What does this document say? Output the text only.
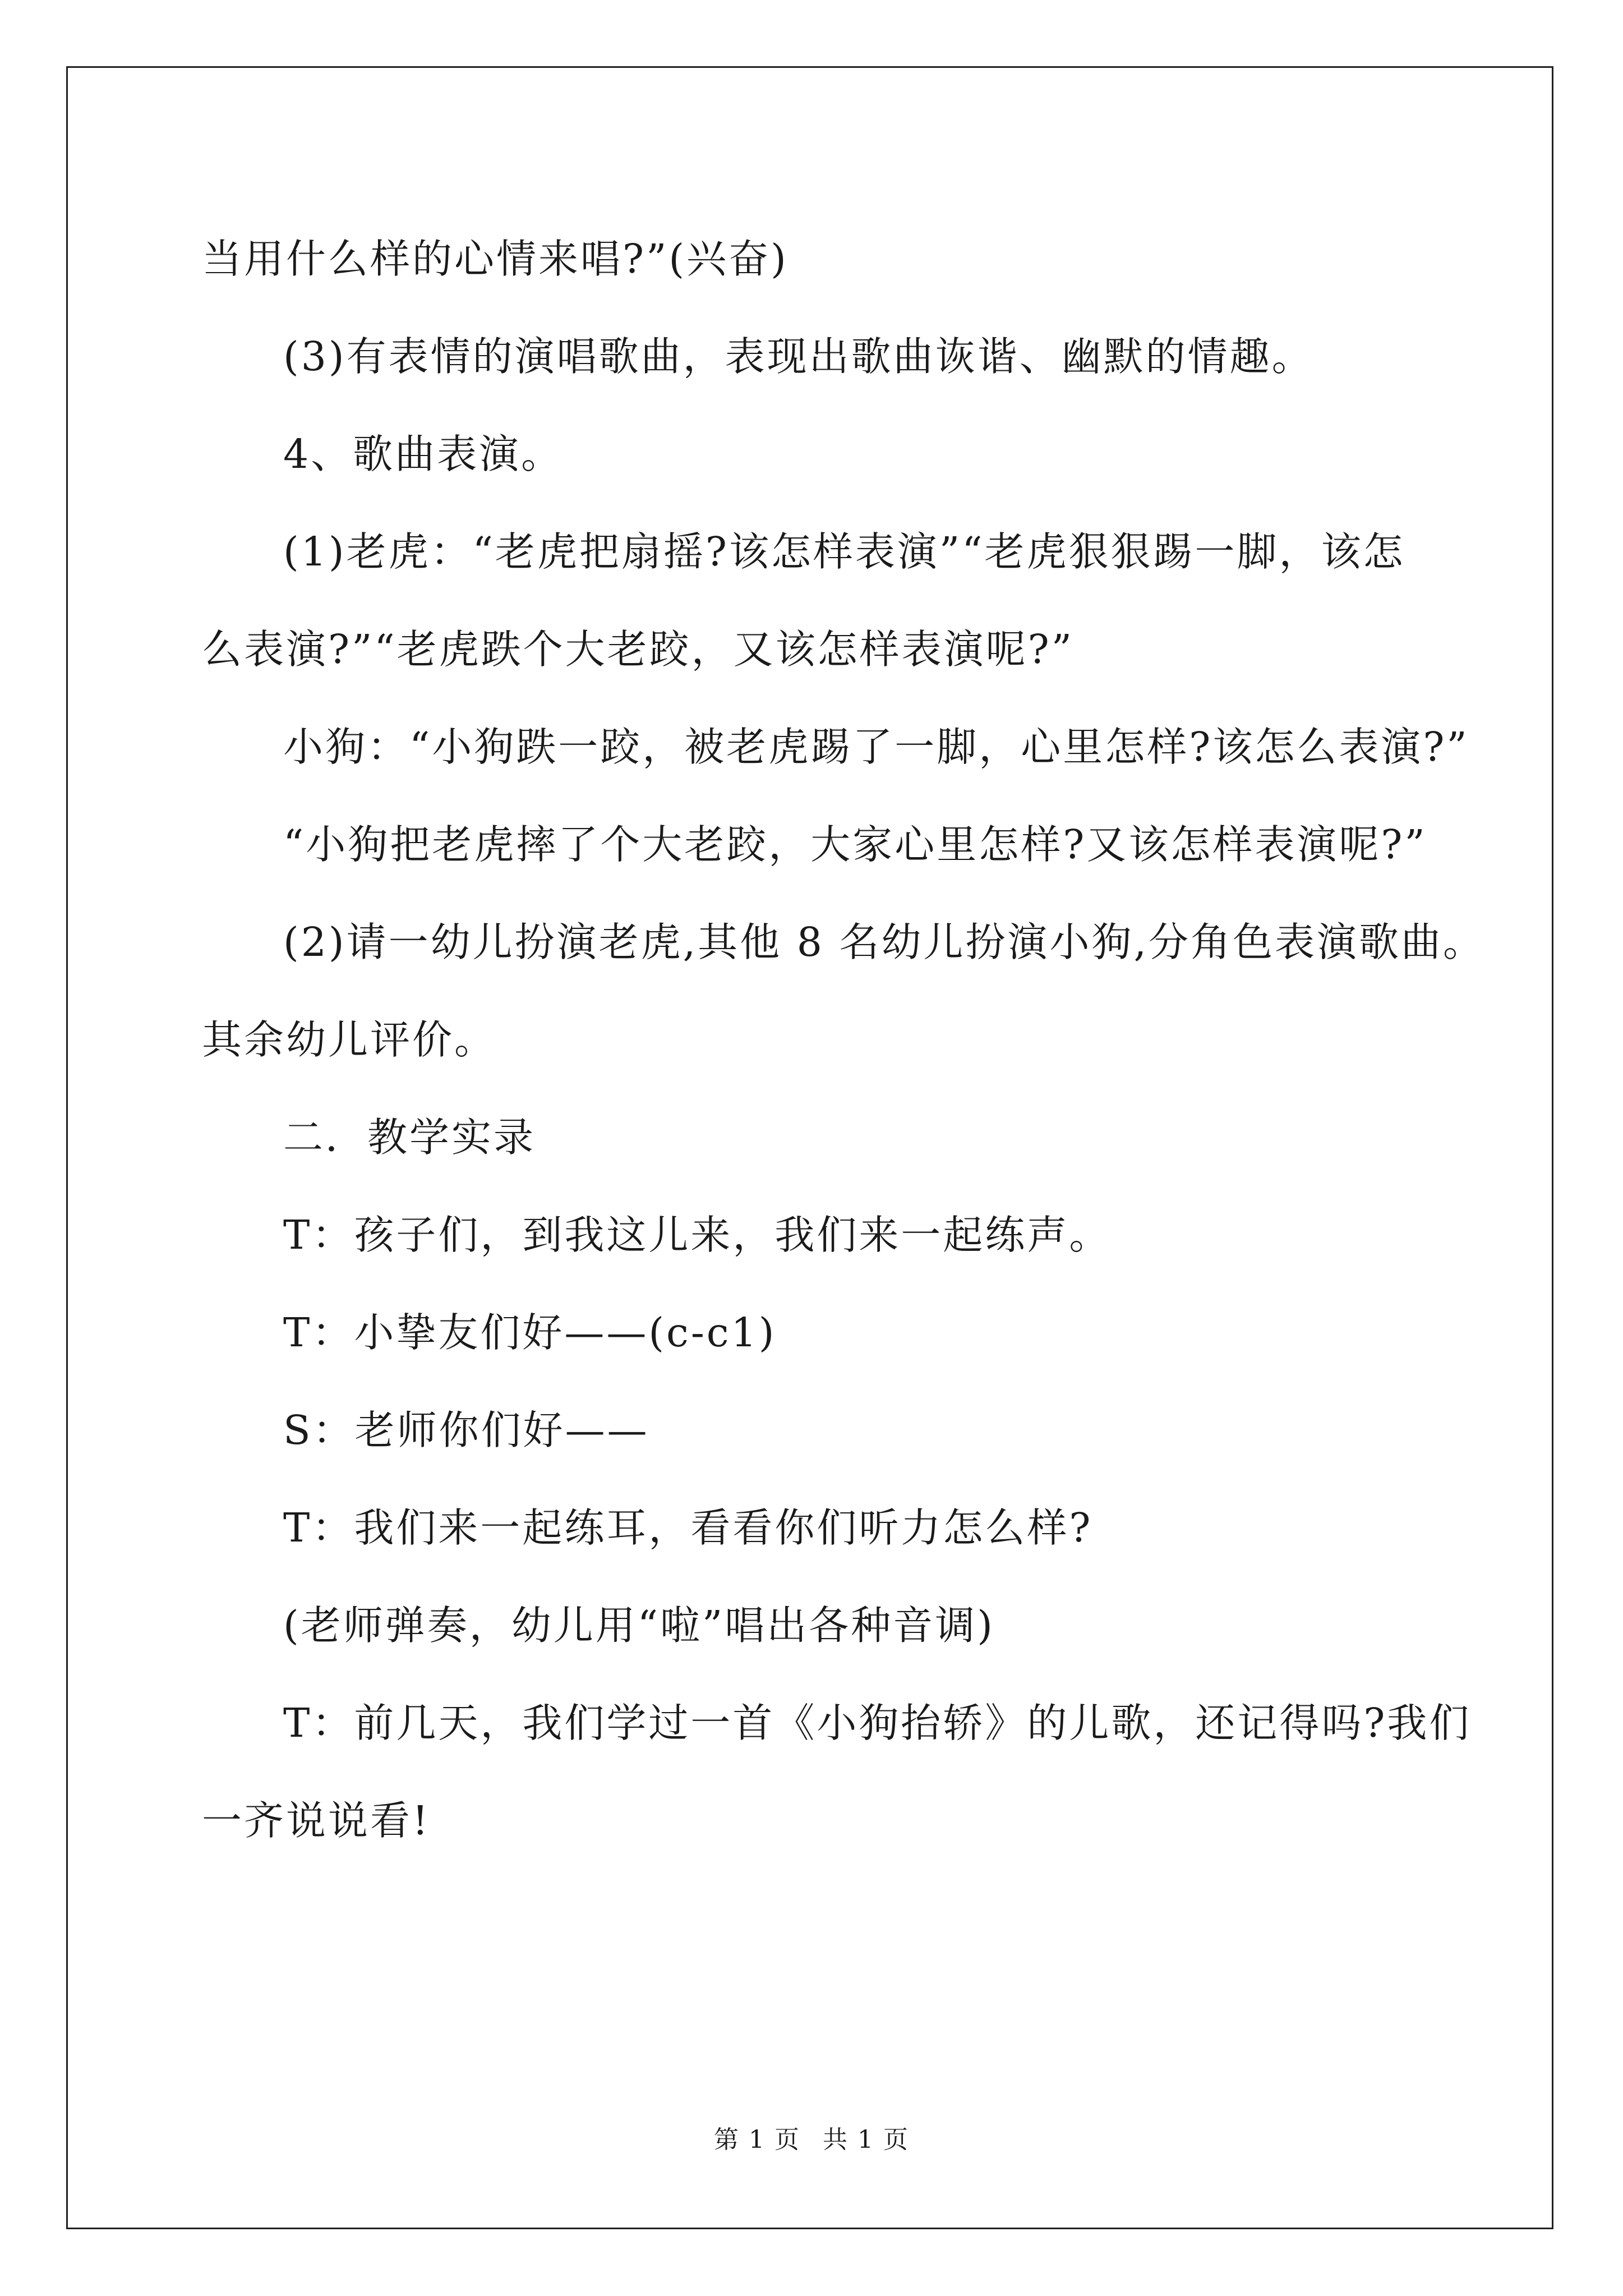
当用什么样的心情来唱?”(兴奋)

(3)有表情的演唱歌曲，表现出歌曲诙谐、幽默的情趣。

4、歌曲表演。

(1)老虎：“老虎把扇摇?该怎样表演”“老虎狠狠踢一脚，该怎

么表演?”“老虎跌个大老跤，又该怎样表演呢?”

小狗：“小狗跌一跤，被老虎踢了一脚，心里怎样?该怎么表演?”

“小狗把老虎摔了个大老跤，大家心里怎样?又该怎样表演呢?”

(2)请一幼儿扮演老虎,其他 8 名幼儿扮演小狗,分角色表演歌曲。

其余幼儿评价。

二．教学实录

T：孩子们，到我这儿来，我们来一起练声。

T：小挚友们好——(c-c1)

S：老师你们好——

T：我们来一起练耳，看看你们听力怎么样?

(老师弹奏，幼儿用“啦”唱出各种音调)

T：前几天，我们学过一首《小狗抬轿》的儿歌，还记得吗?我们

一齐说说看!

第 1 页 共 1 页
